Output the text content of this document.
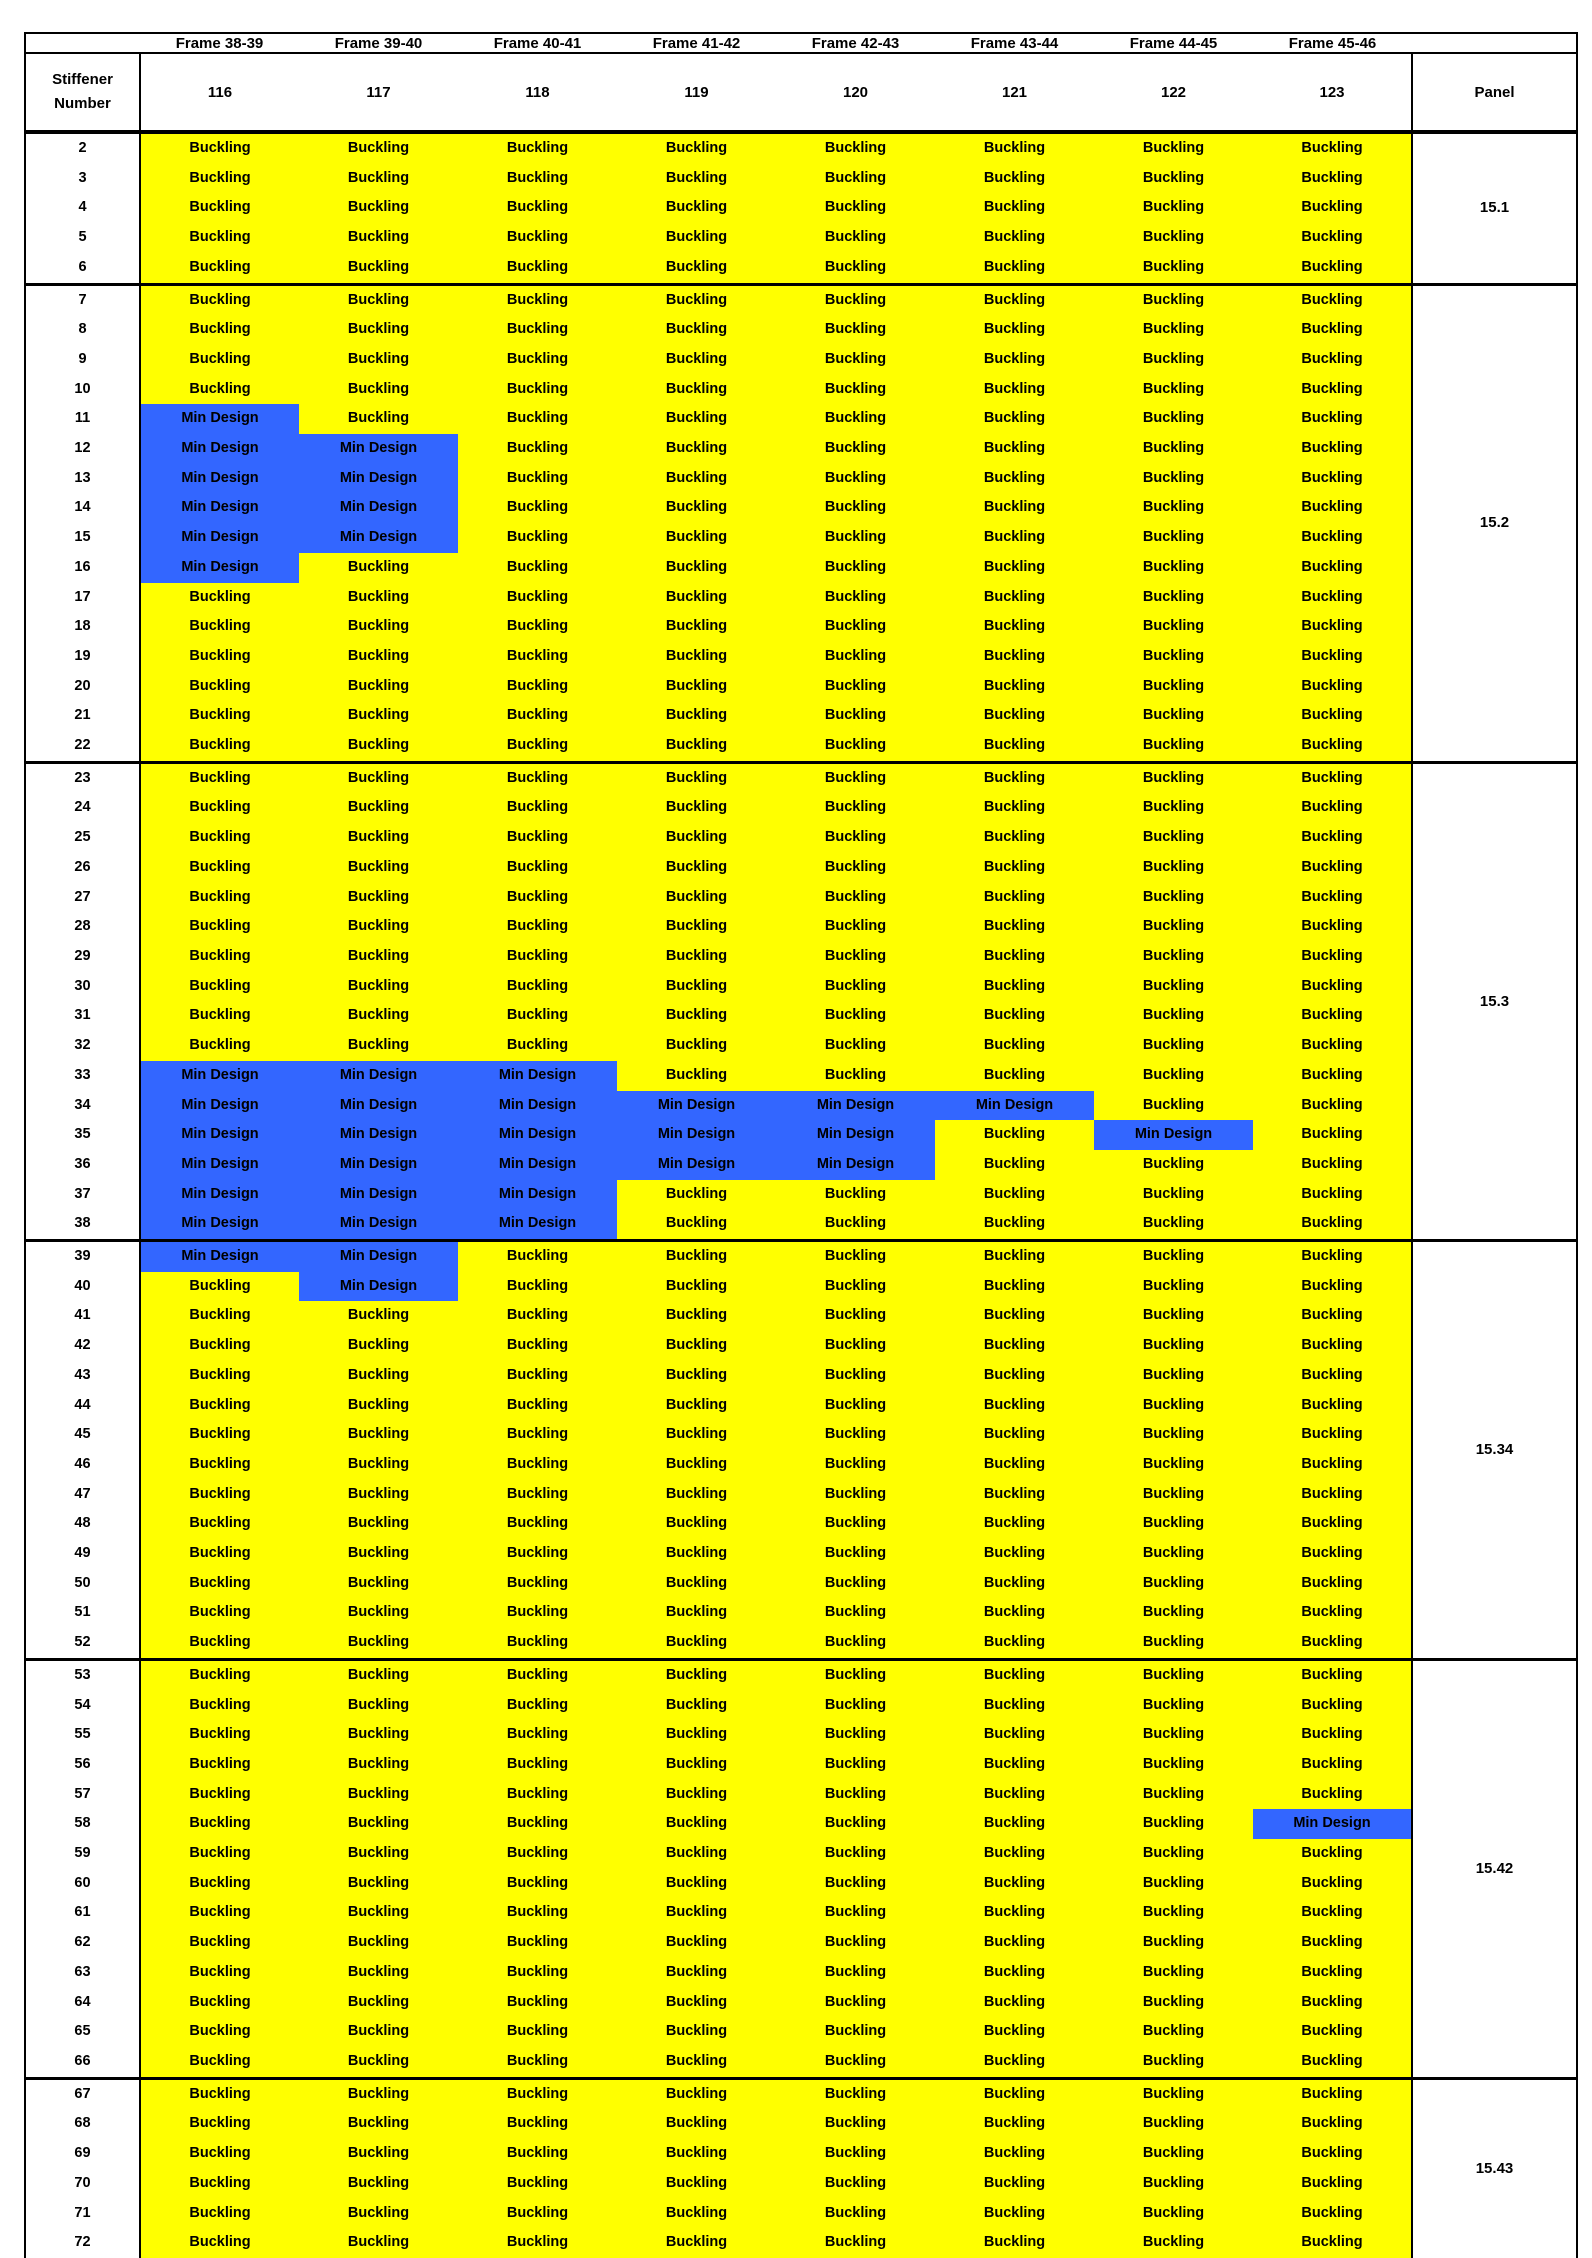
	Frame 38-39	Frame 39-40	Frame 40-41	Frame 41-42	Frame 42-43	Frame 43-44	Frame 44-45	Frame 45-46	
Stiffener Number	116	117	118	119	120	121	122	123	Panel
2	Buckling	Buckling	Buckling	Buckling	Buckling	Buckling	Buckling	Buckling	15.1
3	Buckling	Buckling	Buckling	Buckling	Buckling	Buckling	Buckling	Buckling	
4	Buckling	Buckling	Buckling	Buckling	Buckling	Buckling	Buckling	Buckling	
5	Buckling	Buckling	Buckling	Buckling	Buckling	Buckling	Buckling	Buckling	
6	Buckling	Buckling	Buckling	Buckling	Buckling	Buckling	Buckling	Buckling	
7	Buckling	Buckling	Buckling	Buckling	Buckling	Buckling	Buckling	Buckling	15.2
8	Buckling	Buckling	Buckling	Buckling	Buckling	Buckling	Buckling	Buckling	
9	Buckling	Buckling	Buckling	Buckling	Buckling	Buckling	Buckling	Buckling	
10	Buckling	Buckling	Buckling	Buckling	Buckling	Buckling	Buckling	Buckling	
11	Min Design	Buckling	Buckling	Buckling	Buckling	Buckling	Buckling	Buckling	
12	Min Design	Min Design	Buckling	Buckling	Buckling	Buckling	Buckling	Buckling	
13	Min Design	Min Design	Buckling	Buckling	Buckling	Buckling	Buckling	Buckling	
14	Min Design	Min Design	Buckling	Buckling	Buckling	Buckling	Buckling	Buckling	
15	Min Design	Min Design	Buckling	Buckling	Buckling	Buckling	Buckling	Buckling	
16	Min Design	Buckling	Buckling	Buckling	Buckling	Buckling	Buckling	Buckling	
17	Buckling	Buckling	Buckling	Buckling	Buckling	Buckling	Buckling	Buckling	
18	Buckling	Buckling	Buckling	Buckling	Buckling	Buckling	Buckling	Buckling	
19	Buckling	Buckling	Buckling	Buckling	Buckling	Buckling	Buckling	Buckling	
20	Buckling	Buckling	Buckling	Buckling	Buckling	Buckling	Buckling	Buckling	
21	Buckling	Buckling	Buckling	Buckling	Buckling	Buckling	Buckling	Buckling	
22	Buckling	Buckling	Buckling	Buckling	Buckling	Buckling	Buckling	Buckling	
23	Buckling	Buckling	Buckling	Buckling	Buckling	Buckling	Buckling	Buckling	15.3
24	Buckling	Buckling	Buckling	Buckling	Buckling	Buckling	Buckling	Buckling	
25	Buckling	Buckling	Buckling	Buckling	Buckling	Buckling	Buckling	Buckling	
26	Buckling	Buckling	Buckling	Buckling	Buckling	Buckling	Buckling	Buckling	
27	Buckling	Buckling	Buckling	Buckling	Buckling	Buckling	Buckling	Buckling	
28	Buckling	Buckling	Buckling	Buckling	Buckling	Buckling	Buckling	Buckling	
29	Buckling	Buckling	Buckling	Buckling	Buckling	Buckling	Buckling	Buckling	
30	Buckling	Buckling	Buckling	Buckling	Buckling	Buckling	Buckling	Buckling	
31	Buckling	Buckling	Buckling	Buckling	Buckling	Buckling	Buckling	Buckling	
32	Buckling	Buckling	Buckling	Buckling	Buckling	Buckling	Buckling	Buckling	
33	Min Design	Min Design	Min Design	Buckling	Buckling	Buckling	Buckling	Buckling	
34	Min Design	Min Design	Min Design	Min Design	Min Design	Min Design	Buckling	Buckling	
35	Min Design	Min Design	Min Design	Min Design	Min Design	Buckling	Min Design	Buckling	
36	Min Design	Min Design	Min Design	Min Design	Min Design	Buckling	Buckling	Buckling	
37	Min Design	Min Design	Min Design	Buckling	Buckling	Buckling	Buckling	Buckling	
38	Min Design	Min Design	Min Design	Buckling	Buckling	Buckling	Buckling	Buckling	
39	Min Design	Min Design	Buckling	Buckling	Buckling	Buckling	Buckling	Buckling	15.34
40	Buckling	Min Design	Buckling	Buckling	Buckling	Buckling	Buckling	Buckling	
41	Buckling	Buckling	Buckling	Buckling	Buckling	Buckling	Buckling	Buckling	
42	Buckling	Buckling	Buckling	Buckling	Buckling	Buckling	Buckling	Buckling	
43	Buckling	Buckling	Buckling	Buckling	Buckling	Buckling	Buckling	Buckling	
44	Buckling	Buckling	Buckling	Buckling	Buckling	Buckling	Buckling	Buckling	
45	Buckling	Buckling	Buckling	Buckling	Buckling	Buckling	Buckling	Buckling	
46	Buckling	Buckling	Buckling	Buckling	Buckling	Buckling	Buckling	Buckling	
47	Buckling	Buckling	Buckling	Buckling	Buckling	Buckling	Buckling	Buckling	
48	Buckling	Buckling	Buckling	Buckling	Buckling	Buckling	Buckling	Buckling	
49	Buckling	Buckling	Buckling	Buckling	Buckling	Buckling	Buckling	Buckling	
50	Buckling	Buckling	Buckling	Buckling	Buckling	Buckling	Buckling	Buckling	
51	Buckling	Buckling	Buckling	Buckling	Buckling	Buckling	Buckling	Buckling	
52	Buckling	Buckling	Buckling	Buckling	Buckling	Buckling	Buckling	Buckling	
53	Buckling	Buckling	Buckling	Buckling	Buckling	Buckling	Buckling	Buckling	15.42
54	Buckling	Buckling	Buckling	Buckling	Buckling	Buckling	Buckling	Buckling	
55	Buckling	Buckling	Buckling	Buckling	Buckling	Buckling	Buckling	Buckling	
56	Buckling	Buckling	Buckling	Buckling	Buckling	Buckling	Buckling	Buckling	
57	Buckling	Buckling	Buckling	Buckling	Buckling	Buckling	Buckling	Buckling	
58	Buckling	Buckling	Buckling	Buckling	Buckling	Buckling	Buckling	Min Design	
59	Buckling	Buckling	Buckling	Buckling	Buckling	Buckling	Buckling	Buckling	
60	Buckling	Buckling	Buckling	Buckling	Buckling	Buckling	Buckling	Buckling	
61	Buckling	Buckling	Buckling	Buckling	Buckling	Buckling	Buckling	Buckling	
62	Buckling	Buckling	Buckling	Buckling	Buckling	Buckling	Buckling	Buckling	
63	Buckling	Buckling	Buckling	Buckling	Buckling	Buckling	Buckling	Buckling	
64	Buckling	Buckling	Buckling	Buckling	Buckling	Buckling	Buckling	Buckling	
65	Buckling	Buckling	Buckling	Buckling	Buckling	Buckling	Buckling	Buckling	
66	Buckling	Buckling	Buckling	Buckling	Buckling	Buckling	Buckling	Buckling	
67	Buckling	Buckling	Buckling	Buckling	Buckling	Buckling	Buckling	Buckling	15.43
68	Buckling	Buckling	Buckling	Buckling	Buckling	Buckling	Buckling	Buckling	
69	Buckling	Buckling	Buckling	Buckling	Buckling	Buckling	Buckling	Buckling	
70	Buckling	Buckling	Buckling	Buckling	Buckling	Buckling	Buckling	Buckling	
71	Buckling	Buckling	Buckling	Buckling	Buckling	Buckling	Buckling	Buckling	
72	Buckling	Buckling	Buckling	Buckling	Buckling	Buckling	Buckling	Buckling	
